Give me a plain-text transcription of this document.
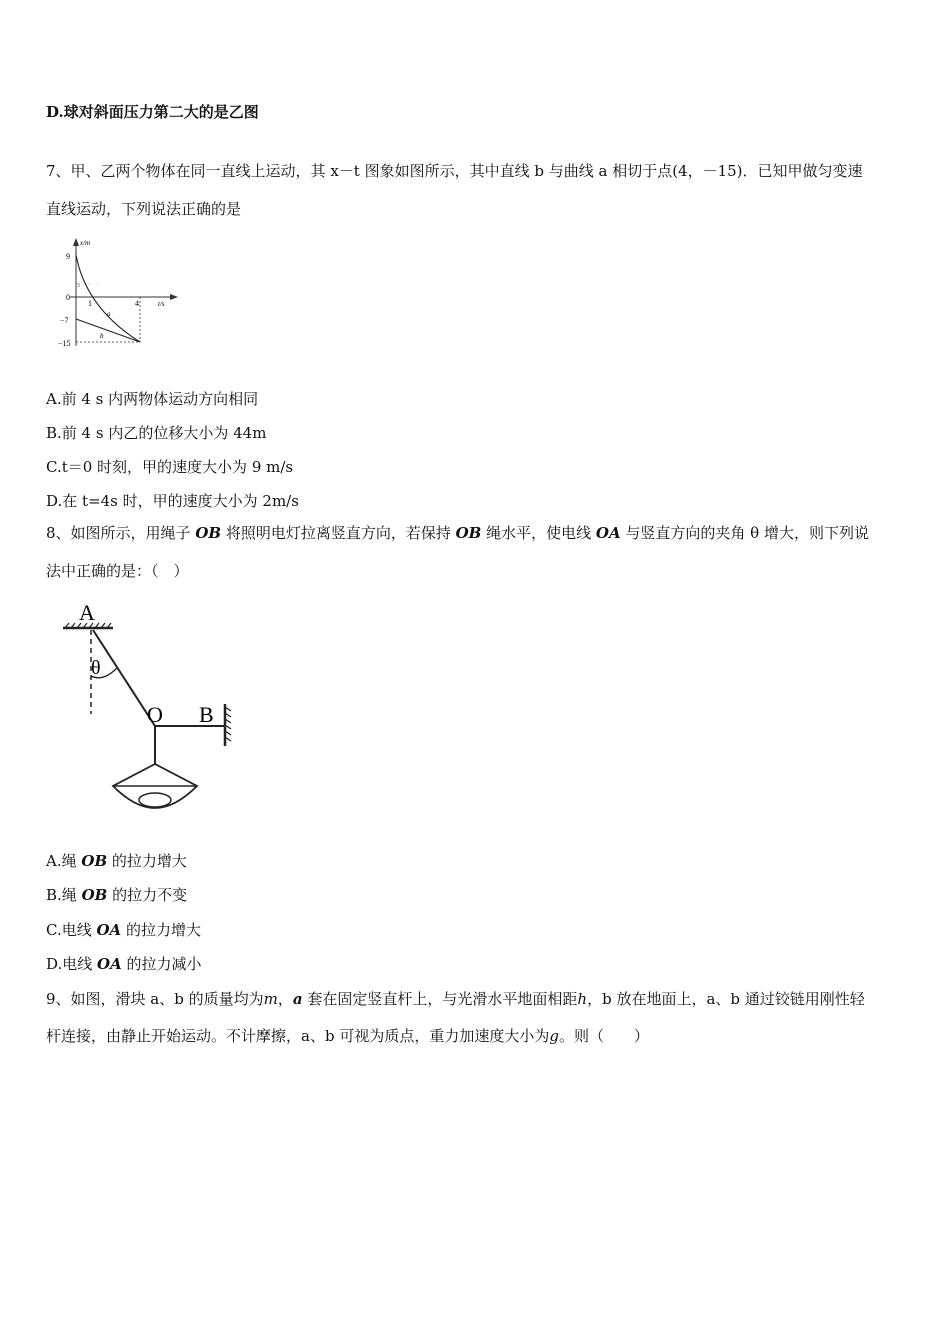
D.球对斜面压力第二大的是乙图
7、甲、乙两个物体在同一直线上运动，其 x－t 图象如图所示，其中直线 b 与曲线 a 相切于点(4，－15)．已知甲做匀变速
直线运动，下列说法正确的是
x/m
t/s
9
0
−7
−15
5
1	4
a
b
A.前 4 s 内两物体运动方向相同
B.前 4 s 内乙的位移大小为 44m
C.t＝0 时刻，甲的速度大小为 9 m/s
D.在 t=4s 时，甲的速度大小为 2m/s
8、如图所示，用绳子 OB 将照明电灯拉离竖直方向，若保持 OB 绳水平，使电线 OA 与竖直方向的夹角 θ 增大，则下列说
法中正确的是：（　）
A
θ
O B
A.绳 OB 的拉力增大
B.绳 OB 的拉力不变
C.电线 OA 的拉力增大
D.电线 OA 的拉力减小
9、如图，滑块 a、b 的质量均为m，a 套在固定竖直杆上，与光滑水平地面相距h，b 放在地面上，a、b 通过铰链用刚性轻
杆连接，由静止开始运动。不计摩擦，a、b 可视为质点，重力加速度大小为g。则（　　）
